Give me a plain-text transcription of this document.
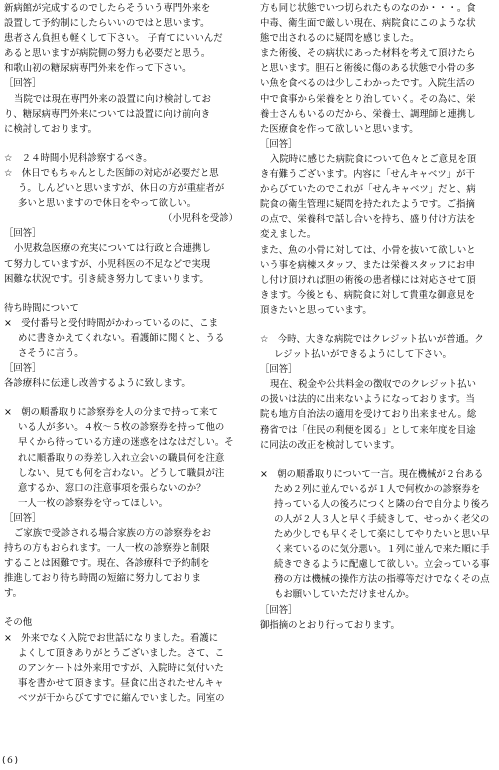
新病館が完成するのでしたらそういう専門外来を
設置して予約制にしたらいいのではと思います。
患者さん負担も軽くして下さい。 子育てにいいんだ
あると思いますが病院側の努力も必要だと思う。
和歌山初の糖尿病専門外来を作って下さい。
［回答］
当院では現在専門外来の設置に向け検討してお
り、糖尿病専門外来については設置に向け前向き
に検討しております。
☆　２４時間小児科診察するべき。
☆　休日でもちゃんとした医師の対応が必要だと思
う。しんどいと思いますが、休日の方が重症者が
多いと思いますので休日をやって欲しい。
（小児科を受診）
［回答］
小児救急医療の充実については行政と合連携し
て努力していますが、小児科医の不足などで実現
困難な状況です。引き続き努力してまいります。
待ち時間について
×　受付番号と受付時間がかわっているのに、こま
めに書きかえてくれない。看護師に聞くと、うる
さそうに言う。
［回答］
各診療科に伝達し改善するように致します。
×　朝の順番取りに診察券を人の分まで持って来て
いる人が多い。４枚～５枚の診察券を持って他の
早くから待っている方達の迷惑をはなはだしい。そ
れに順番取りの券差し入れ立会いの職員何を注意
しない、見ても何を言わない。どうして職員が注
意するか、窓口の注意事項を張らないのか？
一人一枚の診察券を守ってほしい。
［回答］
ご家族で受診される場合家族の方の診察券をお
持ちの方もおられます。一人一枚の診察券と制限
することは困難です。現在、各診療科で予約制を
推進しており待ち時間の短縮に努力しておりま
す。
その他
×　外来でなく入院でお世話になりました。看護に
よくして頂きありがとうございました。さて、こ
のアンケートは外来用ですが、入院時に気付いた
事を書かせて頂きます。昼食に出されたせんキャ
ベツが干からびてすでに縮んでいました。同室の
方も同じ状態でいつ切られたものなのか・・・。食
中毒、衛生面で厳しい現在、病院食にこのような状
態で出されるのに疑問を感じました。
また術後、その病状にあった材料を考えて頂けたら
と思います。胆石と術後に傷のある状態で小骨の多
い魚を食べるのは少しこわかったです。入院生活の
中で食事から栄養をとり治していく。その為に、栄
養士さんもいるのだから、栄養士、調理師と連携し
た医療食を作って欲しいと思います。
［回答］
入院時に感じた病院食について色々とご意見を頂
き有難うございます。内容に「せんキャベツ」が干
からびていたのでこれが「せんキャベツ」だと、病
院食の衛生管理に疑問を持たれたようです。ご指摘
の点で、栄養科で話し合いを持ち、盛り付け方法を
変えました。
また、魚の小骨に対しては、小骨を抜いて欲しいと
いう事を病棟スタッフ、または栄養スタッフにお申
し付け頂ければ胆の術後の患者様には対応させて頂
きます。今後とも、病院食に対して貴重な御意見を
頂きたいと思っています。
☆　今時、大きな病院ではクレジット払いが普通。ク
レジット払いができるようにして下さい。
［回答］
現在、税金や公共料金の徴収でのクレジット払い
の扱いは法的に出来ないようになっております。当
院も地方自治法の適用を受けており出来ません。総
務省では「住民の利便を図る」として来年度を目途
に同法の改正を検討しています。
×　朝の順番取りについて一言。現在機械が２台ある
ため２列に並んでいるが１人で何枚かの診察券を
持っている人の後ろにつくと隣の台で自分より後ろ
の人が２人３人と早く手続きして、せっかく老父の
ため少しでも早くそして楽にしてやりたいと思い早
く来ているのに気分悪い。１列に並んで来た順に手
続きできるように配慮して欲しい。立会っている事
務の方は機械の操作方法の指導等だけでなくその点
もお願いしていただけませんか。
［回答］
御指摘のとおり行っております。
(６)
